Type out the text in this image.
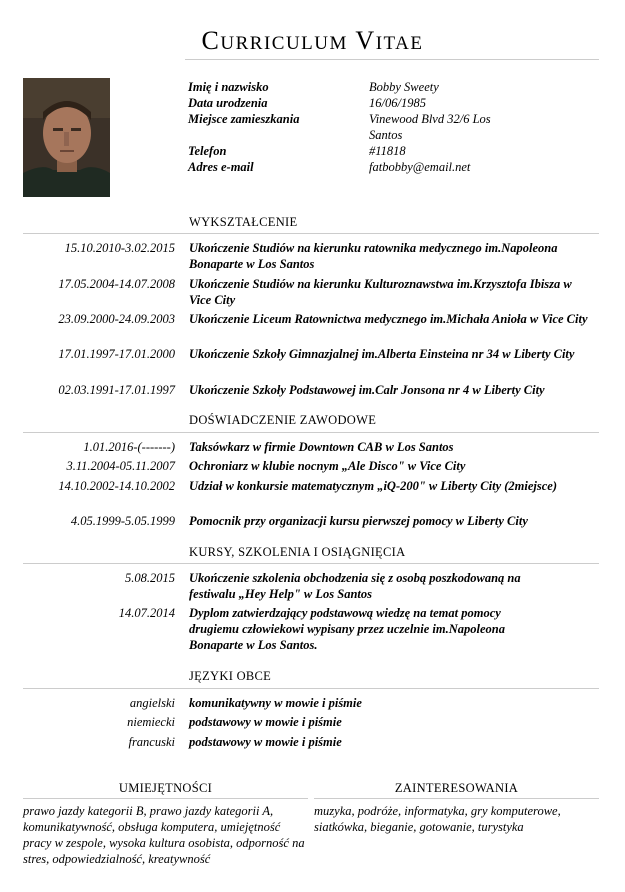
CURRICULUM VITAE
Imię i nazwisko	Bobby Sweety
Data urodzenia	16/06/1985
Miejsce zamieszkania	Vinewood Blvd 32/6 Los Santos
Telefon	#11818
Adres e-mail	fatbobby@email.net
WYKSZTAŁCENIE
15.10.2010-3.02.2015 Ukończenie Studiów na kierunku ratownika medycznego im.Napoleona Bonaparte w Los Santos
17.05.2004-14.07.2008 Ukończenie Studiów na kierunku Kulturoznawstwa im.Krzysztofa Ibisza w Vice City
23.09.2000-24.09.2003 Ukończenie Liceum Ratownictwa medycznego im.Michała Anioła w Vice City
17.01.1997-17.01.2000 Ukończenie Szkoły Gimnazjalnej im.Alberta Einsteina nr 34 w Liberty City
02.03.1991-17.01.1997 Ukończenie Szkoły Podstawowej im.Calr Jonsona nr 4 w Liberty City
DOŚWIADCZENIE ZAWODOWE
1.01.2016-(-------) Taksówkarz w firmie Downtown CAB w Los Santos
3.11.2004-05.11.2007 Ochroniarz w klubie nocnym „Ale Disco" w Vice City
14.10.2002-14.10.2002 Udział w konkursie matematycznym „iQ-200" w Liberty City (2miejsce)
4.05.1999-5.05.1999 Pomocnik przy organizacji kursu pierwszej pomocy w Liberty City
KURSY, SZKOLENIA I OSIĄGNIĘCIA
5.08.2015 Ukończenie szkolenia obchodzenia się z osobą poszkodowaną na festiwalu „Hey Help" w Los Santos
14.07.2014 Dyplom zatwierdzający podstawową wiedzę na temat pomocy drugiemu człowiekowi wypisany przez uczelnie im.Napoleona Bonaparte w Los Santos.
JĘZYKI OBCE
angielski komunikatywny w mowie i piśmie
niemiecki podstawowy w mowie i piśmie
francuski podstawowy w mowie i piśmie
UMIEJĘTNOŚCI
prawo jazdy kategorii B, prawo jazdy kategorii A, komunikatywność, obsługa komputera, umiejętność pracy w zespole, wysoka kultura osobista, odporność na stres, odpowiedzialność, kreatywność
ZAINTERESOWANIA
muzyka, podróże, informatyka, gry komputerowe, siatkówka, bieganie, gotowanie, turystyka
